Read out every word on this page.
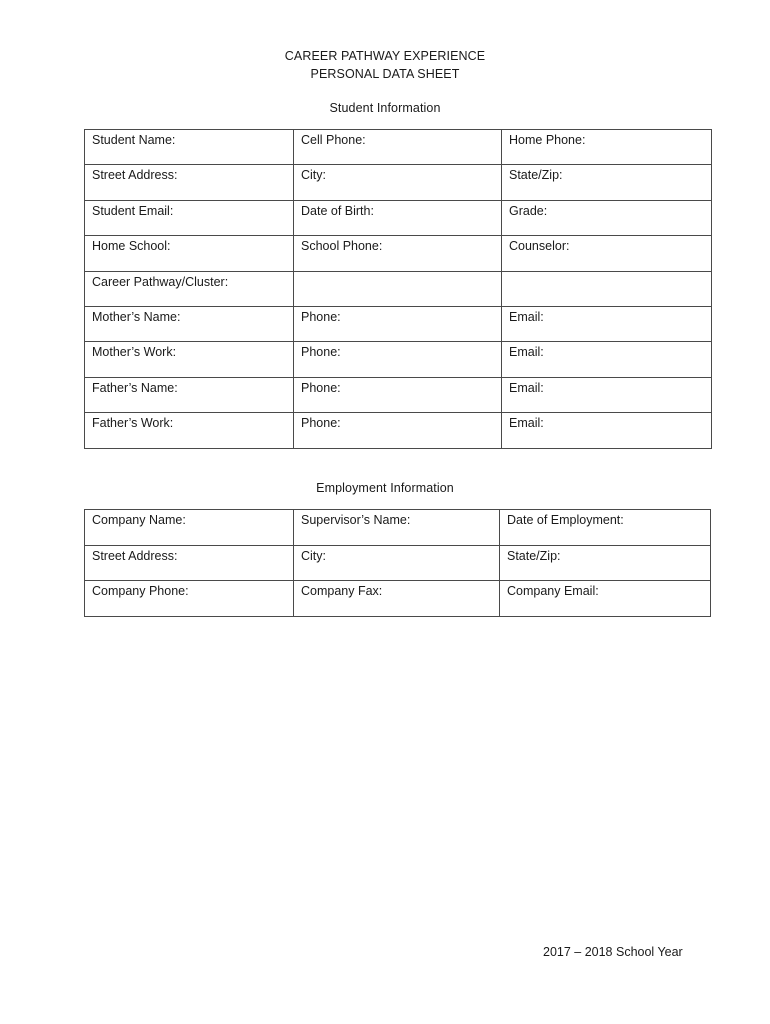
CAREER PATHWAY EXPERIENCE
PERSONAL DATA SHEET
Student Information
Student Name:	Cell Phone:	Home Phone:

Street Address:	City:	State/Zip:

Student Email:	Date of Birth:	Grade:

Home School:	School Phone:	Counselor:

Career Pathway/Cluster:		

Mother’s Name:	Phone:	Email:

Mother’s Work:	Phone:	Email:

Father’s Name:	Phone:	Email:

Father’s Work:	Phone:	Email:
Employment Information
Company Name:	Supervisor’s Name:	Date of Employment:

Street Address:	City:	State/Zip:

Company Phone:	Company Fax:	Company Email:
2017 – 2018 School Year
